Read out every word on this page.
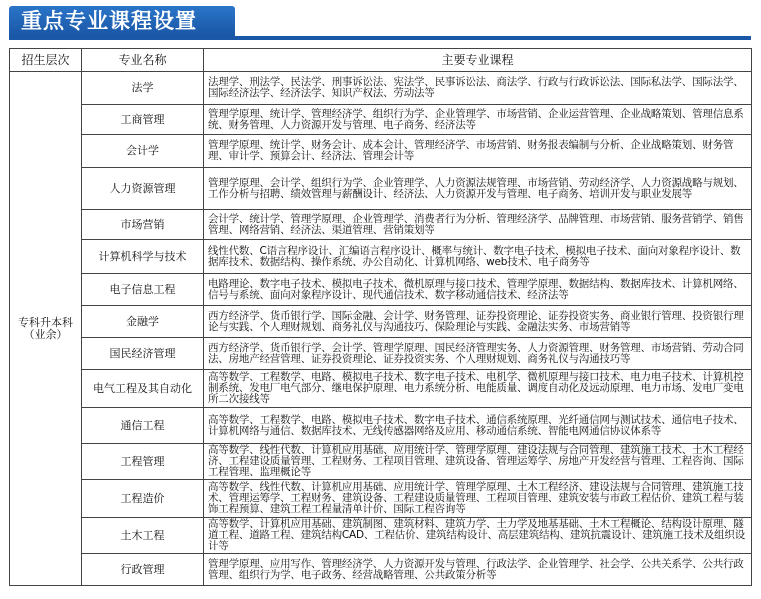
重点专业课程设置
招生层次	专业名称	主要专业课程
专科升本科（业余）	法学	法理学、刑法学、民法学、刑事诉讼法、宪法学、民事诉讼法、商法学、行政与行政诉讼法、国际私法学、国际法学、国际经济法学、经济法学、知识产权法、劳动法等
	工商管理	管理学原理、统计学、管理经济学、组织行为学、企业管理学、市场营销、企业运营管理、企业战略策划、管理信息系统、财务管理、人力资源开发与管理、电子商务、经济法等
	会计学	管理学原理、统计学、财务会计、成本会计、管理经济学、市场营销、财务报表编制与分析、企业战略策划、财务管理、审计学、预算会计、经济法、管理会计等
	人力资源管理	管理学原理、会计学、组织行为学、企业管理学、人力资源法规管理、市场营销、劳动经济学、人力资源战略与规划、工作分析与招聘、绩效管理与薪酬设计、经济法、人力资源开发与管理、电子商务、培训开发与职业发展等
	市场营销	会计学、统计学、管理学原理、企业管理学、消费者行为分析、管理经济学、品牌管理、市场营销、服务营销学、销售管理、网络营销、经济法、渠道管理、营销策划等
	计算机科学与技术	线性代数、C语言程序设计、汇编语言程序设计、概率与统计、数字电子技术、模拟电子技术、面向对象程序设计、数据库技术、数据结构、操作系统、办公自动化、计算机网络、web技术、电子商务等
	电子信息工程	电路理论、数字电子技术、模拟电子技术、微机原理与接口技术、管理学原理、数据结构、数据库技术、计算机网络、信号与系统、面向对象程序设计、现代通信技术、数字移动通信技术、经济法等
	金融学	西方经济学、货币银行学、国际金融、会计学、财务管理、证券投资理论、证券投资实务、商业银行管理、投资银行理论与实践、个人理财规划、商务礼仪与沟通技巧、保险理论与实践、金融法实务、市场营销等
	国民经济管理	西方经济学、货币银行学、会计学、管理学原理、国民经济管理实务、人力资源管理、财务管理、市场营销、劳动合同法、房地产经营管理、证券投资理论、证券投资实务、个人理财规划、商务礼仪与沟通技巧等
	电气工程及其自动化	高等数学、工程数学、电路、模拟电子技术、数字电子技术、电机学、微机原理与接口技术、电力电子技术、计算机控制系统、发电厂电气部分、继电保护原理、电力系统分析、电能质量、调度自动化及远动原理、电力市场、发电厂变电所二次接线等
	通信工程	高等数学、工程数学、电路、模拟电子技术、数字电子技术、通信系统原理、光纤通信网与测试技术、通信电子技术、计算机网络与通信、数据库技术、无线传感器网络及应用、移动通信系统、智能电网通信协议体系等
	工程管理	高等数学、线性代数、计算机应用基础、应用统计学、管理学原理、建设法规与合同管理、建筑施工技术、土木工程经济、工程建设质量管理、工程财务、工程项目管理、建筑设备、管理运筹学、房地产开发经营与管理、工程咨询、国际工程管理、监理概论等
	工程造价	高等数学、线性代数、计算机应用基础、应用统计学、管理学原理、土木工程经济、建设法规与合同管理、建筑施工技术、管理运筹学、工程财务、建筑设备、工程建设质量管理、工程项目管理、建筑安装与市政工程估价、建筑工程与装饰工程预算、建筑工程工程量清单计价、国际工程咨询等
	土木工程	高等数学、计算机应用基础、建筑制图、建筑材料、建筑力学、土力学及地基基础、土木工程概论、结构设计原理、隧道工程、道路工程、建筑结构CAD、工程估价、建筑结构设计、高层建筑结构、建筑抗震设计、建筑施工技术及组织设计等
	行政管理	管理学原理、应用写作、管理经济学、人力资源开发与管理、行政法学、企业管理学、社会学、公共关系学、公共行政管理、组织行为学、电子政务、经营战略管理、公共政策分析等
